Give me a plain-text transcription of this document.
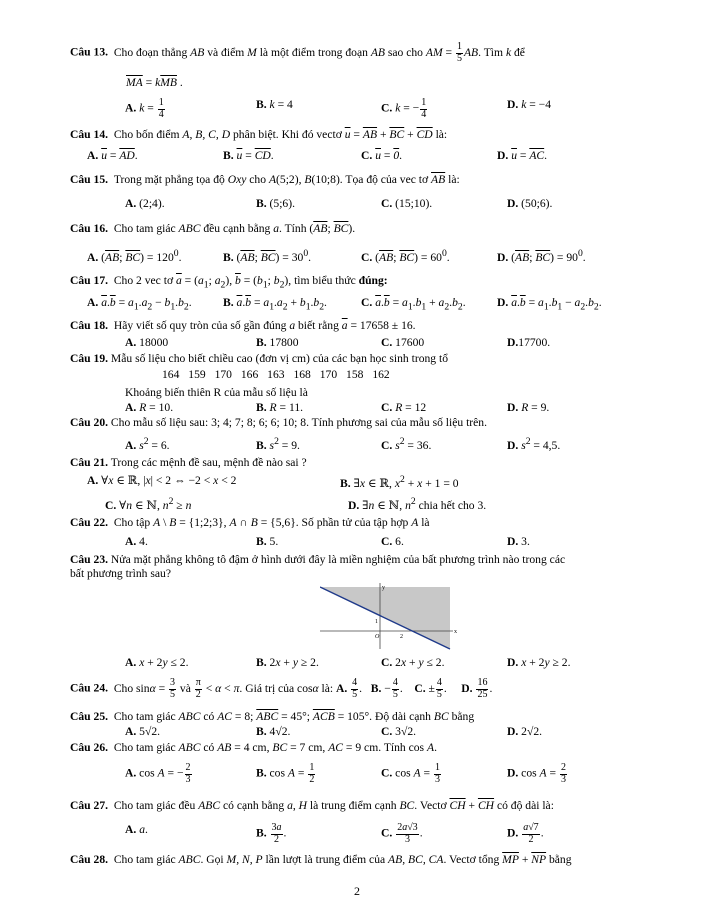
Câu 13.  Cho đoạn thẳng AB và điểm M là một điểm trong đoạn AB sao cho AM = $\frac{1}{5}$ AB. Tìm k để
$\overline{MA} = k\overline{MB}$ .
A. $k = \frac{1}{4}$	B. k = 4	C. k = − $\frac{1}{4}$	D. k = −4
Câu 14.  Cho bốn điểm A, B, C, D phân biệt. Khi đó vectơ $\overline{u} = \overline{AB} + \overline{BC} + \overline{CD}$ là:
A. $\overline{u} = \overline{AD}$.	B. $\overline{u} = \overline{CD}$.	C. $\overline{u} = 0$.	D. $\overline{u} = \overline{AC}$.
Câu 15.  Trong mặt phẳng tọa độ Oxy cho A(5;2), B(10;8). Tọa độ của vec tơ $\overline{AB}$ là:
A. (2;4).	B. (5;6).	C. (15;10).	D. (50;6).
Câu 16.  Cho tam giác ABC đều cạnh bằng a. Tính ($\overline{AB}$; $\overline{BC}$).
A. ($\overline{AB}$; $\overline{BC}) = 120^0$.	B. ($\overline{AB}$; $\overline{BC}) = 30^0$.	C. ($\overline{AB}$; $\overline{BC}) = 60^0$.	D. ($\overline{AB}$; $\overline{BC}) = 90^0$.
Câu 17.  Cho 2 vec tơ $\overline{a} = (a_1$; $a_2$), $\overline{b} = (b_1$; $b_2$), tìm biểu thức đúng:
A. $\overline{a}.\overline{b} = a_1.a_2 - b_1.b_2$.	B. $\overline{a}.\overline{b} = a_1.a_2 + b_1.b_2$.	C. $\overline{a}.\overline{b} = a_1.b_1 + a_2.b_2$.	D. $\overline{a}.\overline{b} = a_1.b_1 - a_2.b_2$.
Câu 18.  Hãy viết số quy tròn của số gần đúng a biết rằng $\overline{a} = 17658 \pm 16$.
A. 18000	B. 17800	C. 17600	D.17700.
Câu 19. Mẫu số liệu cho biết chiều cao (đơn vị cm) của các bạn học sinh trong tổ
164 159 170 166 163 168 170 158 162
Khoảng biến thiên R của mẫu số liệu là
A. R = 10.	B. R = 11.	C. R = 12	D. R = 9.
Câu 20. Cho mẫu số liệu sau: 3; 4; 7; 8; 6; 6; 10; 8. Tính phương sai của mẫu số liệu trên.
A. $s^2 = 6$.	B. $s^2 = 9$.	C. $s^2 = 36$.	D. $s^2 = 4,5$.
Câu 21. Trong các mệnh đề sau, mệnh đề nào sai ?
A. ∀x ∈ ℝ, |x| < 2 ⇔ −2 < x < 2	B. ∃x ∈ ℝ, $x^2 + x + 1 = 0$
C. ∀n ∈ ℕ, $n^2 \ge n$	D. ∃n ∈ ℕ, $n^2$ chia hết cho 3.
Câu 22.  Cho tập A \ B = {1;2;3}, A ∩ B = {5,6}. Số phần tử của tập hợp A là
A. 4.	B. 5.	C. 6.	D. 3.
Câu 23. Nửa mặt phẳng không tô đậm ở hình dưới đây là miền nghiệm của bất phương trình nào trong các
bất phương trình sau?
y
x
O
1
2
A. x + 2y ≤ 2.	B. 2x + y ≥ 2.	C. 2x + y ≤ 2.	D. x + 2y ≥ 2.
Câu 24.  Cho $\sin\alpha = \frac{3}{5}$ và $\frac{\pi}{2} < \alpha < \pi$. Giá trị của cosα là: A. $\frac{4}{5}$ .   B. − $\frac{4}{5}$ .    C. ± $\frac{4}{5}$ .     D. $\frac{16}{25}$ .
Câu 25.  Cho tam giác ABC có AC = 8; $\overline{ABC} = 45^\circ$; $\overline{ACB} = 105^\circ$. Độ dài cạnh BC bằng
A. 5√2.	B. 4√2.	C. 3√2.	D. 2√2.
Câu 26.  Cho tam giác ABC có AB = 4 cm, BC = 7 cm, AC = 9 cm. Tính cos A.
A. cos A = − $\frac{2}{3}$	B. $\cos A = \frac{1}{2}$	C. $\cos A = \frac{1}{3}$	D. $\cos A = \frac{2}{3}$
Câu 27.  Cho tam giác đều ABC có cạnh bằng a, H là trung điểm cạnh BC. Vectơ $\overline{CH} + \overline{CH}$ có độ dài là:
A. a.	B. $\frac{3a}{2}$ .	C. $\frac{2a√3}{3}$ .	D. $\frac{a√7}{2}$ .
Câu 28.  Cho tam giác ABC. Gọi M, N, P lần lượt là trung điểm của AB, BC, CA. Vectơ tổng $\overline{MP} + \overline{NP}$ bằng
2
